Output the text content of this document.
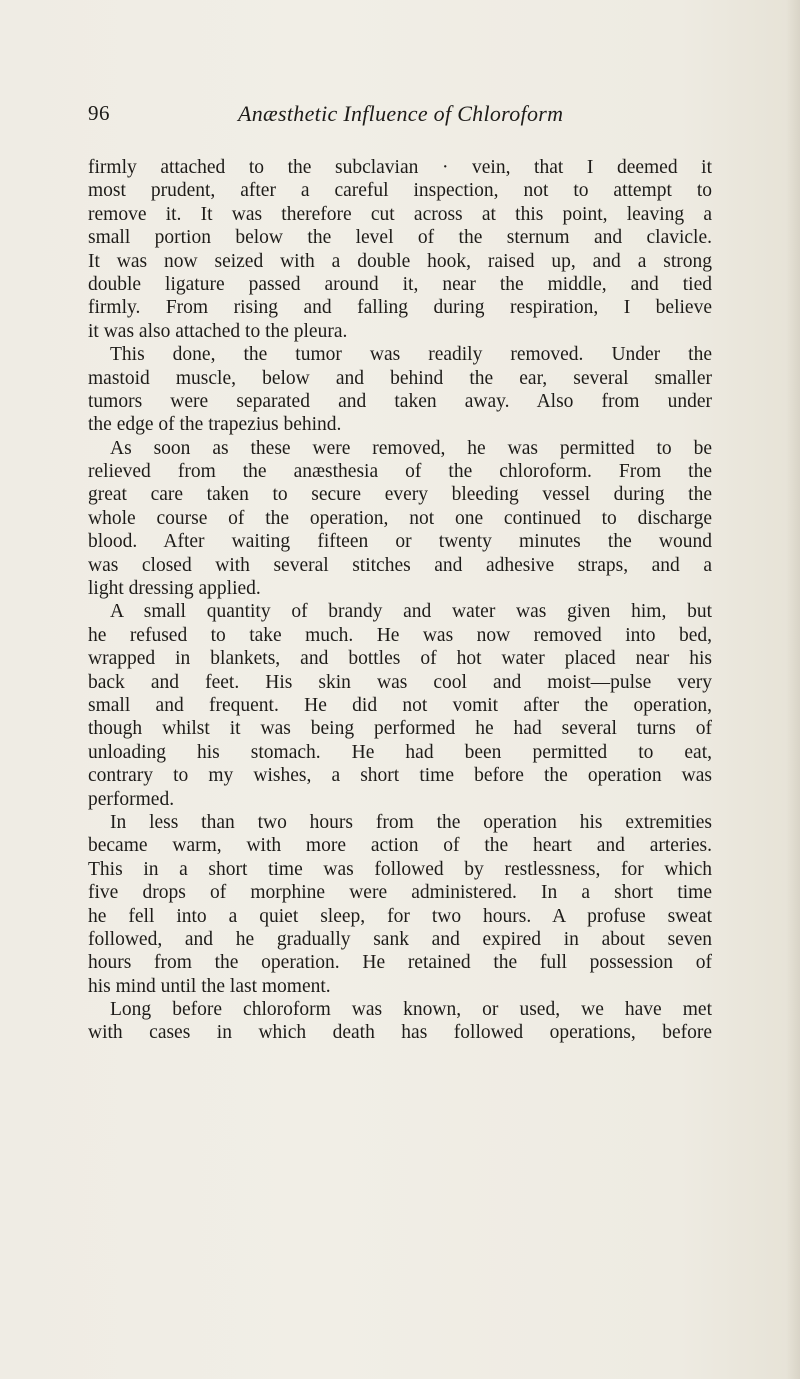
96	Anæsthetic Influence of Chloroform
firmly attached to the subclavian · vein, that I deemed it
most prudent, after a careful inspection, not to attempt to
remove it. It was therefore cut across at this point, leaving a
small portion below the level of the sternum and clavicle.
It was now seized with a double hook, raised up, and a strong
double ligature passed around it, near the middle, and tied
firmly. From rising and falling during respiration, I believe
it was also attached to the pleura.
This done, the tumor was readily removed. Under the
mastoid muscle, below and behind the ear, several smaller
tumors were separated and taken away. Also from under
the edge of the trapezius behind.
As soon as these were removed, he was permitted to be
relieved from the anæsthesia of the chloroform. From the
great care taken to secure every bleeding vessel during the
whole course of the operation, not one continued to discharge
blood. After waiting fifteen or twenty minutes the wound
was closed with several stitches and adhesive straps, and a
light dressing applied.
A small quantity of brandy and water was given him, but
he refused to take much. He was now removed into bed,
wrapped in blankets, and bottles of hot water placed near his
back and feet. His skin was cool and moist—pulse very
small and frequent. He did not vomit after the operation,
though whilst it was being performed he had several turns of
unloading his stomach. He had been permitted to eat,
contrary to my wishes, a short time before the operation was
performed.
In less than two hours from the operation his extremities
became warm, with more action of the heart and arteries.
This in a short time was followed by restlessness, for which
five drops of morphine were administered. In a short time
he fell into a quiet sleep, for two hours. A profuse sweat
followed, and he gradually sank and expired in about seven
hours from the operation. He retained the full possession of
his mind until the last moment.
Long before chloroform was known, or used, we have met
with cases in which death has followed operations, before
